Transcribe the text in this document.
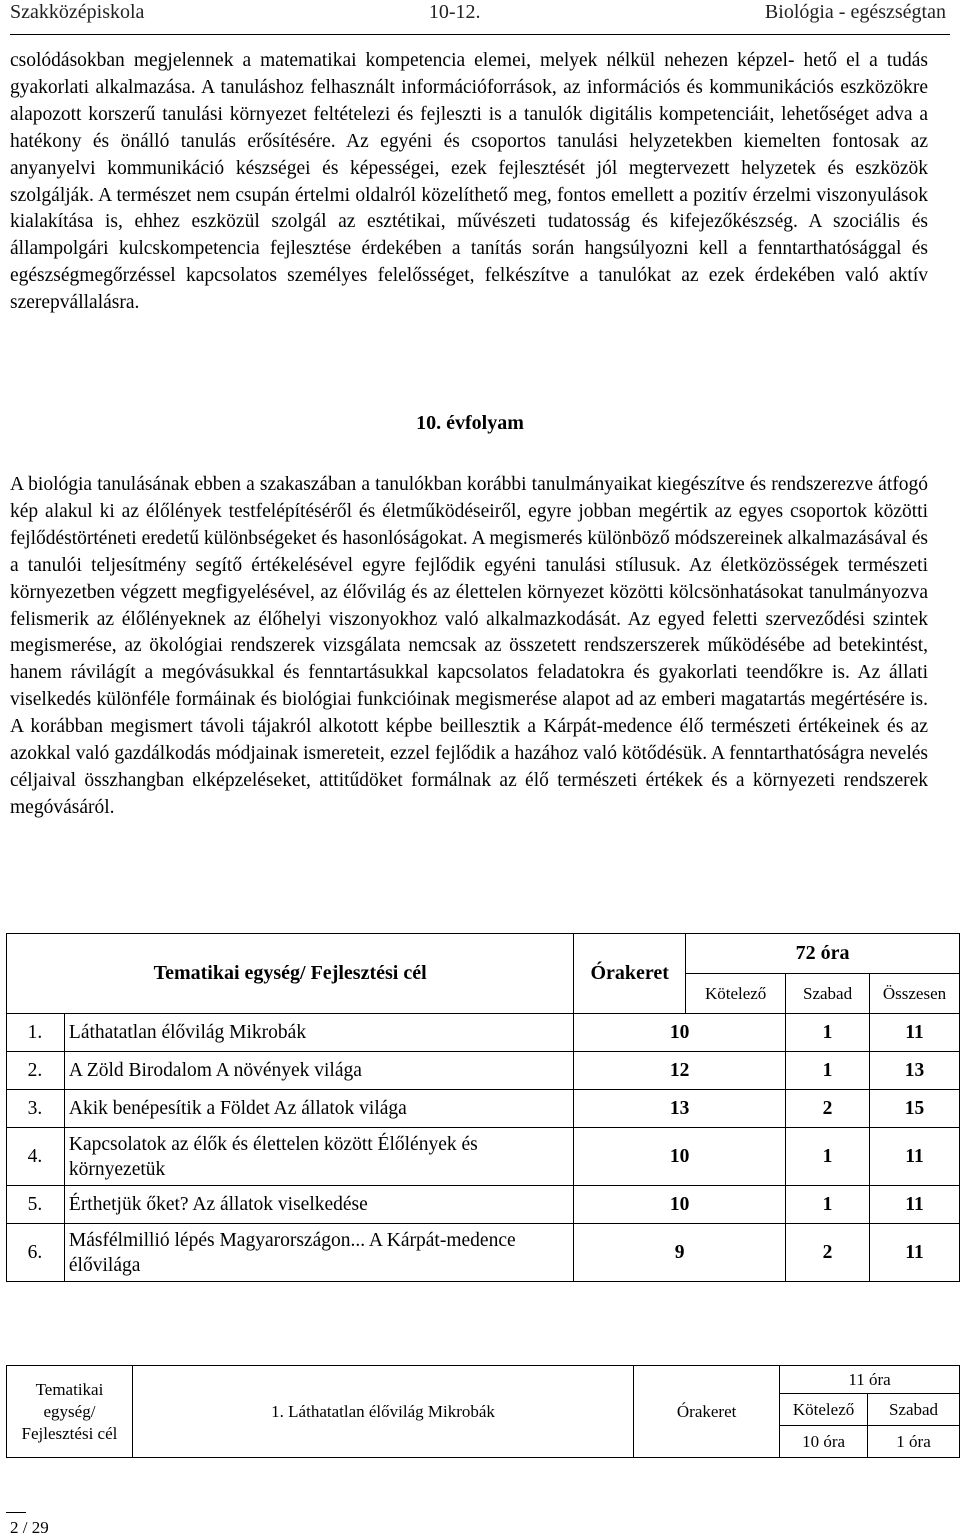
Szakközépiskola	10-12.	Biológia - egészségtan

csolódásokban megjelennek a matematikai kompetencia elemei, melyek nélkül nehezen képzel- hető el a tudás gyakorlati alkalmazása. A tanuláshoz felhasznált információforrások, az információs és kommunikációs eszközökre alapozott korszerű tanulási környezet feltételezi és fejleszti is a tanulók digitális kompetenciáit, lehetőséget adva a hatékony és önálló tanulás erősítésére. Az egyéni és csoportos tanulási helyzetekben kiemelten fontosak az anyanyelvi kommunikáció készségei és képességei, ezek fejlesztését jól megtervezett helyzetek és eszközök szolgálják. A természet nem csupán értelmi oldalról közelíthető meg, fontos emellett a pozitív érzelmi viszonyulások kialakítása is, ehhez eszközül szolgál az esztétikai, művészeti tudatosság és kifejezőkészség. A szociális és állampolgári kulcskompetencia fejlesztése érdekében a tanítás során hangsúlyozni kell a fenntarthatósággal és egészségmegőrzéssel kapcsolatos személyes felelősséget, felkészítve a tanulókat az ezek érdekében való aktív szerepvállalásra.

10. évfolyam

A biológia tanulásának ebben a szakaszában a tanulókban korábbi tanulmányaikat kiegészítve és rendszerezve átfogó kép alakul ki az élőlények testfelépítéséről és életműködéseiről, egyre jobban megértik az egyes csoportok közötti fejlődéstörténeti eredetű különbségeket és hasonlóságokat. A megismerés különböző módszereinek alkalmazásával és a tanulói teljesítmény segítő értékelésével egyre fejlődik egyéni tanulási stílusuk. Az életközösségek természeti környezetben végzett megfigyelésével, az élővilág és az élettelen környezet közötti kölcsönhatásokat tanulmányozva felismerik az élőlényeknek az élőhelyi viszonyokhoz való alkalmazkodását. Az egyed feletti szerveződési szintek megismerése, az ökológiai rendszerek vizsgálata nemcsak az összetett rendszerszerek működésébe ad betekintést, hanem rávilágít a megóvásukkal és fenntartásukkal kapcsolatos feladatokra és gyakorlati teendőkre is. Az állati viselkedés különféle formáinak és biológiai funkcióinak megismerése alapot ad az emberi magatartás megértésére is. A korábban megismert távoli tájakról alkotott képbe beillesztik a Kárpát-medence élő természeti értékeinek és az azokkal való gazdálkodás módjainak ismereteit, ezzel fejlődik a hazához való kötődésük. A fenntarthatóságra nevelés céljaival összhangban elképzeléseket, attitűdöket formálnak az élő természeti értékek és a környezeti rendszerek megóvásáról.

Tematikai egység/ Fejlesztési cél		Órakeret	72 óra		
			Kötelező	Szabad	Összesen
1.	Láthatatlan élővilág Mikrobák	10		1	11
2.	A Zöld Birodalom A növények világa	12		1	13
3.	Akik benépesítik a Földet Az állatok világa	13		2	15
4.	Kapcsolatok az élők és élettelen között Élőlények és környezetük	10		1	11
5.	Érthetjük őket? Az állatok viselkedése	10		1	11
6.	Másfélmillió lépés Magyarországon... A Kárpát-medence élővilága	9		2	11
Tematikai egység/ Fejlesztési cél	1. Láthatatlan élővilág Mikrobák	Órakeret	11 óra	
			Kötelező	Szabad
			10 óra	1 óra
2 / 29
